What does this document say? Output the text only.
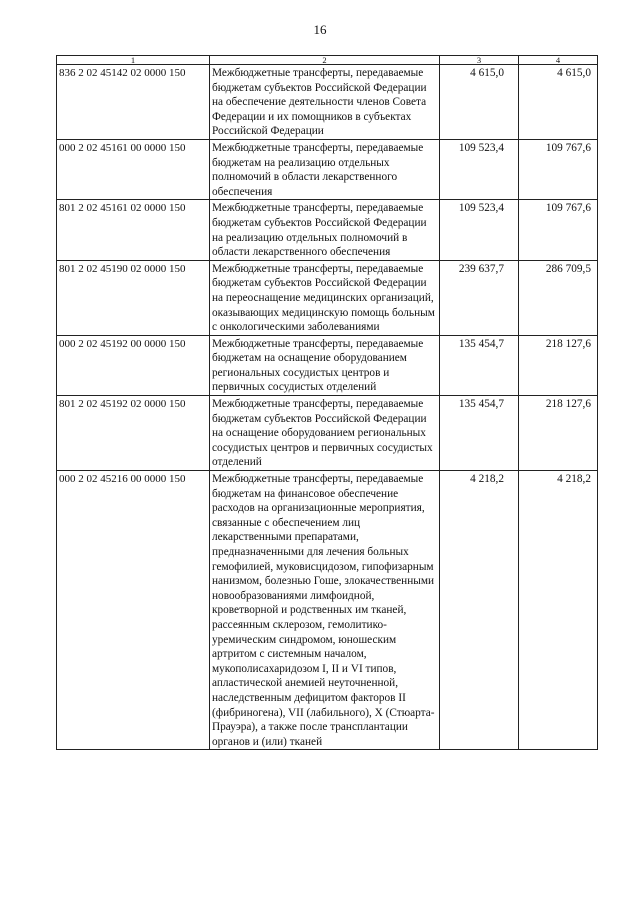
16
1	2	3	4
836 2 02 45142 02 0000 150	Межбюджетные трансферты, передаваемые бюджетам субъектов Российской Федерации на обеспечение деятельности членов Совета Федерации и их помощников в субъектах Российской Федерации	4 615,0	4 615,0
000 2 02 45161 00 0000 150	Межбюджетные трансферты, передаваемые бюджетам на реализацию отдельных полномочий в области лекарственного обеспечения	109 523,4	109 767,6
801 2 02 45161 02 0000 150	Межбюджетные трансферты, передаваемые бюджетам субъектов Российской Федерации на реализацию отдельных полномочий в области лекарственного обеспечения	109 523,4	109 767,6
801 2 02 45190 02 0000 150	Межбюджетные трансферты, передаваемые бюджетам субъектов Российской Федерации на переоснащение медицинских организаций, оказывающих медицинскую помощь больным с онкологическими заболеваниями	239 637,7	286 709,5
000 2 02 45192 00 0000 150	Межбюджетные трансферты, передаваемые бюджетам на оснащение оборудованием региональных сосудистых центров и первичных сосудистых отделений	135 454,7	218 127,6
801 2 02 45192 02 0000 150	Межбюджетные трансферты, передаваемые бюджетам субъектов Российской Федерации на оснащение оборудованием региональных сосудистых центров и первичных сосудистых отделений	135 454,7	218 127,6
000 2 02 45216 00 0000 150	Межбюджетные трансферты, передаваемые бюджетам на финансовое обеспечение расходов на организационные мероприятия, связанные с обеспечением лиц лекарственными препаратами, предназначенными для лечения больных гемофилией, муковисцидозом, гипофизарным нанизмом, болезнью Гоше, злокачественными новообразованиями лимфоидной, кроветворной и родственных им тканей, рассеянным склерозом, гемолитико-уремическим синдромом, юношеским артритом с системным началом, мукополисахаридозом I, II и VI типов, апластической анемией неуточненной, наследственным дефицитом факторов II (фибриногена), VII (лабильного), X (Стюарта-Прауэра), а также после трансплантации органов и (или) тканей	4 218,2	4 218,2
